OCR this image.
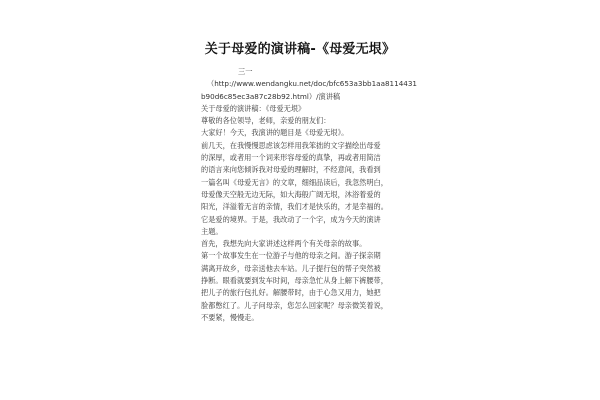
关于母爱的演讲稿-《母爱无垠》
三一
（http://www.wendangku.net/doc/bfc653a3bb1aa8114431
b90d6c85ec3a87c28b92.html）/演讲稿
关于母爱的演讲稿：《母爱无垠》
尊敬的各位领导，老师，亲爱的朋友们：
大家好！今天，我演讲的题目是《母爱无垠》。
前几天，在我慢慢思虑该怎样用我笨拙的文字描绘出母爱
的深厚，或者用一个词来形容母爱的真挚，再或者用简洁
的语言来向您倾诉我对母爱的理解时，不经意间，我看到
一篇名叫《母爱无言》的文章，细细品读后，我忽然明白，
母爱像天空般无边无际，如大海般广阔无垠，沐浴着爱的
阳光，洋溢着无言的亲情，我们才是快乐的，才是幸福的。
它是爱的境界。于是，我改动了一个字，成为今天的演讲
主题。
首先，我想先向大家讲述这样两个有关母亲的故事。
第一个故事发生在一位游子与他的母亲之间。游子探亲期
满离开故乡，母亲送他去车站。儿子提行包的帮子突然被
挣断。眼看就要到发车时间，母亲急忙从身上解下裤腰带，
把儿子的旅行包扎好。解腰带时，由于心急又用力，她把
脸都憋红了。儿子问母亲，您怎么回家呢？母亲微笑着说，
不要紧，慢慢走。
